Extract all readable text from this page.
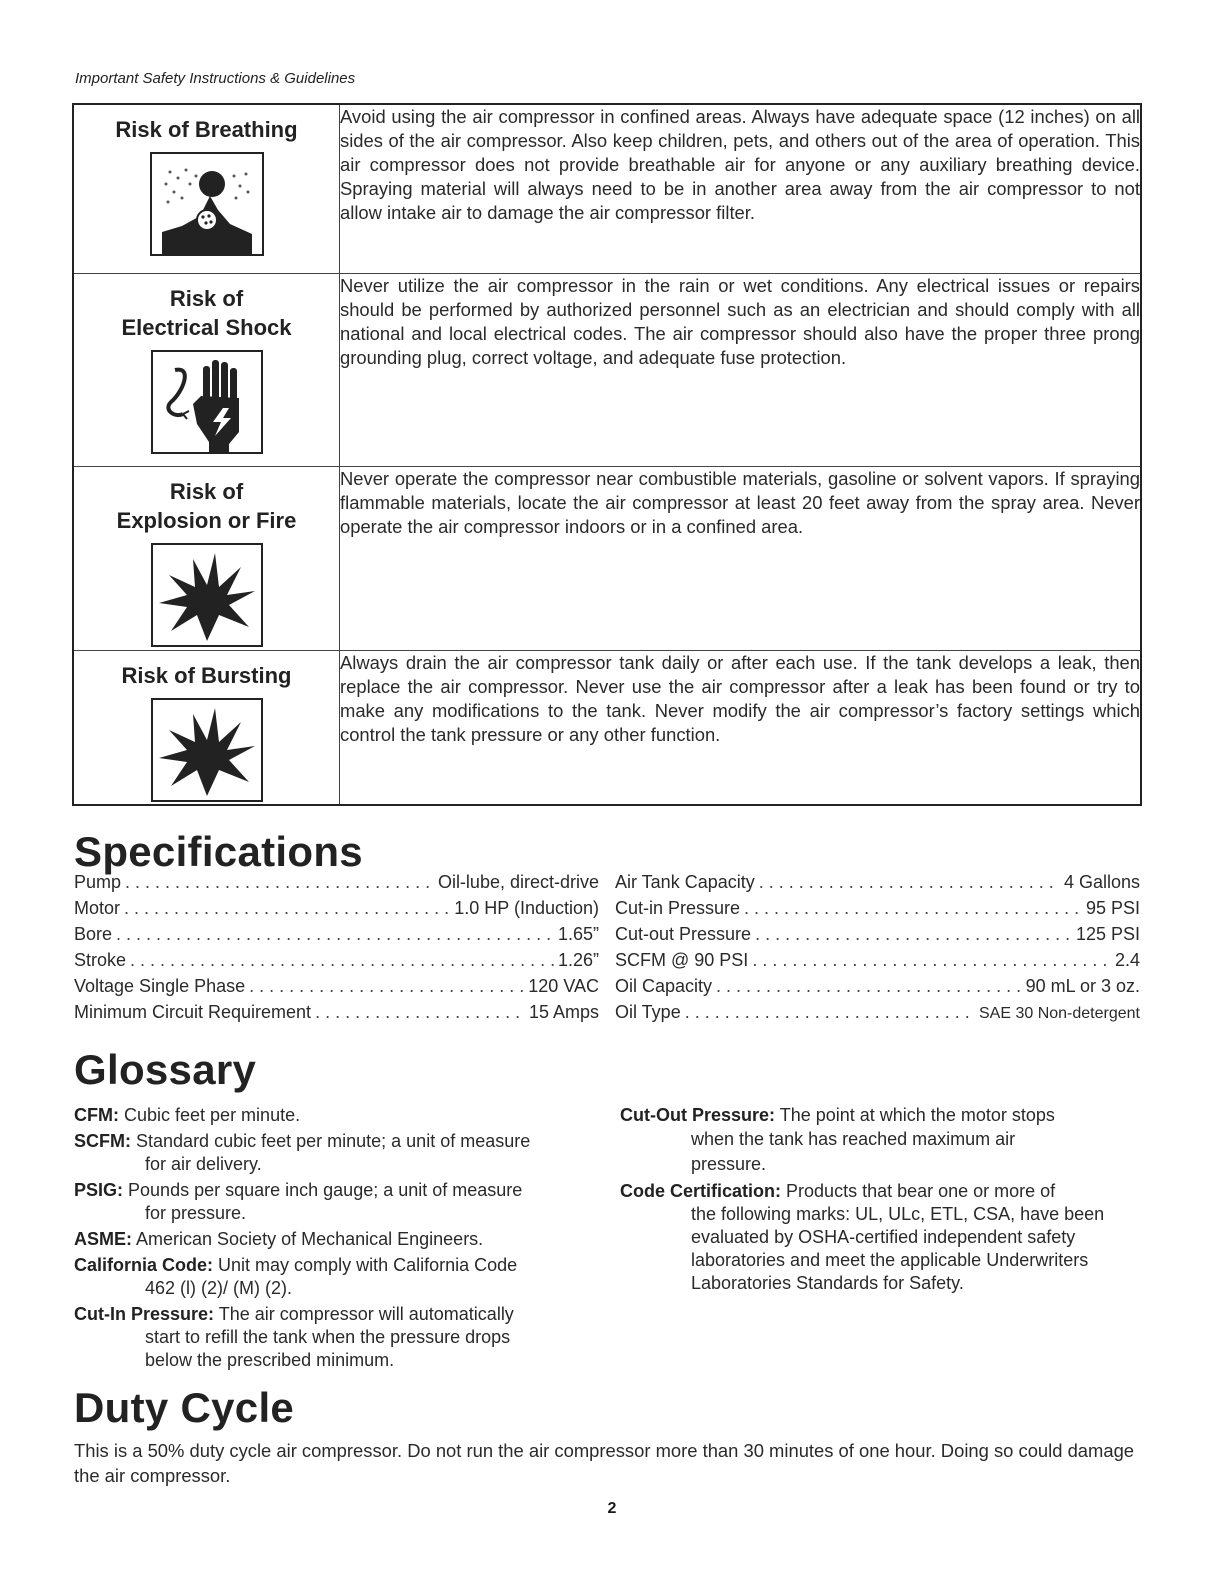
Important Safety Instructions & Guidelines
Risk of Breathing	Avoid using the air compressor in confined areas. Always have adequate space (12 inches) on all sides of the air compressor. Also keep children, pets, and others out of the area of operation. This air compressor does not provide breathable air for anyone or any auxiliary breathing device. Spraying material will always need to be in another area away from the air compressor to not allow intake air to damage the air compressor filter.

Risk of
Electrical Shock	Never utilize the air compressor in the rain or wet conditions. Any electrical issues or repairs should be performed by authorized personnel such as an electrician and should comply with all national and local electrical codes. The air compressor should also have the proper three prong grounding plug, correct voltage, and adequate fuse protection.

Risk of
Explosion or Fire	Never operate the compressor near combustible materials, gasoline or solvent vapors. If spraying flammable materials, locate the air compressor at least 20 feet away from the spray area. Never operate the air compressor indoors or in a confined area.

Risk of Bursting	Always drain the air compressor tank daily or after each use. If the tank develops a leak, then replace the air compressor. Never use the air compressor after a leak has been found or try to make any modifications to the tank. Never modify the air compressor’s factory settings which control the tank pressure or any other function.
Specifications
Pump . . .	Oil-lube, direct-drive
Motor . . .	1.0 HP (Induction)
Bore . . .	1.65”
Stroke . . .	1.26”
Voltage Single Phase . . .	120 VAC
Minimum Circuit Requirement . . .	15 Amps
Air Tank Capacity . . .	4 Gallons
Cut-in Pressure . . .	95 PSI
Cut-out Pressure . . .	125 PSI
SCFM @ 90 PSI . . .	2.4
Oil Capacity . . .	90 mL or 3 oz.
Oil Type . . .	SAE 30 Non-detergent
Glossary
CFM: Cubic feet per minute.
SCFM: Standard cubic feet per minute; a unit of measure
for air delivery.
PSIG: Pounds per square inch gauge; a unit of measure
for pressure.
ASME: American Society of Mechanical Engineers.
California Code: Unit may comply with California Code
462 (l) (2)/ (M) (2).
Cut-In Pressure: The air compressor will automatically
start to refill the tank when the pressure drops below the prescribed minimum.
Cut-Out Pressure: The point at which the motor stops
when the tank has reached maximum air pressure.
Code Certification: Products that bear one or more of
the following marks: UL, ULc, ETL, CSA, have been evaluated by OSHA-certified independent safety laboratories and meet the applicable Underwriters Laboratories Standards for Safety.
Duty Cycle
This is a 50% duty cycle air compressor. Do not run the air compressor more than 30 minutes of one hour. Doing so could damage the air compressor.
2
